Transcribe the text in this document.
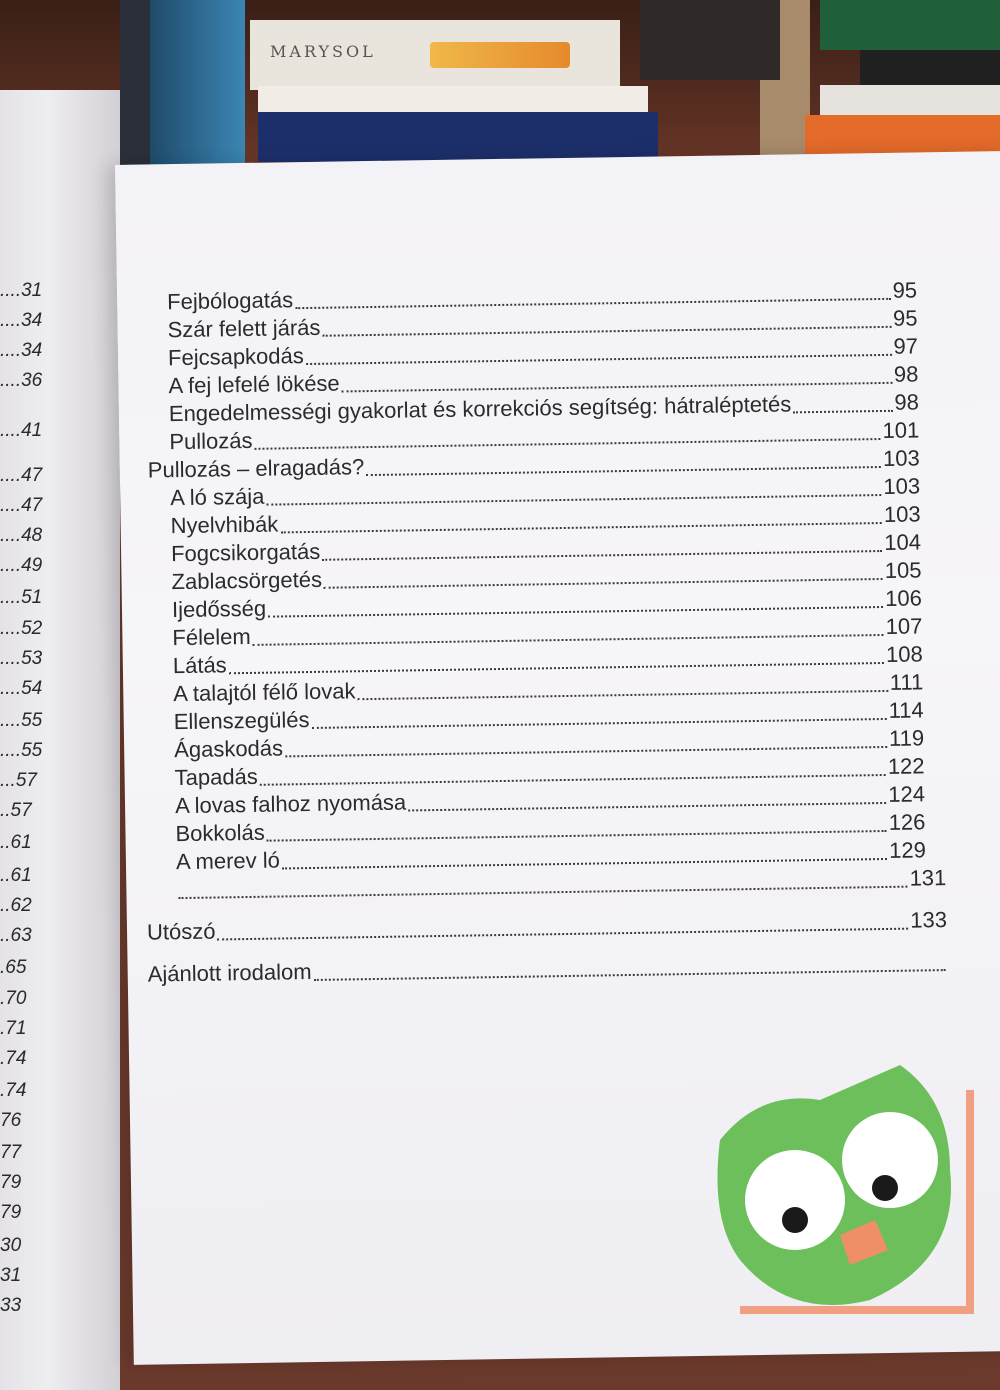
MARYSOL
....31
....34
....34
....36
....41
....47
....47
....48
....49
....51
....52
....53
....54
....55
....55
...57
..57
..61
..61
..62
..63
.65
.70
.71
.74
.74
76
77
79
79
30
31
33
Fejbólogatás	95
Szár felett járás	95
Fejcsapkodás	97
A fej lefelé lökése	98
Engedelmességi gyakorlat és korrekciós segítség: hátraléptetés	98
Pullozás	101
Pullozás – elragadás?	103
A ló szája	103
Nyelvhibák	103
Fogcsikorgatás	104
Zablacsörgetés	105
Ijedősség	106
Félelem	107
Látás	108
A talajtól félő lovak	111
Ellenszegülés	114
Ágaskodás	119
Tapadás	122
A lovas falhoz nyomása	124
Bokkolás	126
A merev ló	129
131
Utószó	133
Ajánlott irodalom
